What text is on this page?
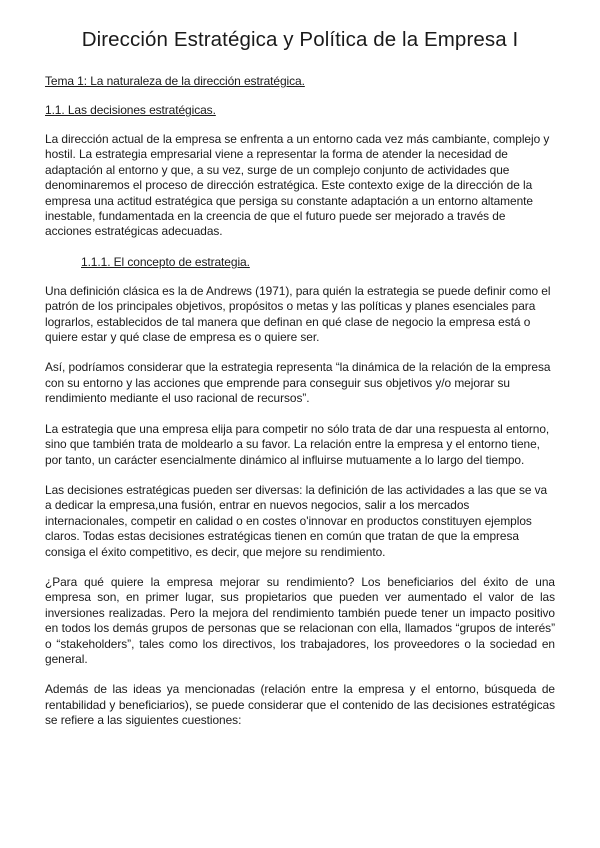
Dirección Estratégica y Política de la Empresa I

Tema 1: La naturaleza de la dirección estratégica.

1.1. Las decisiones estratégicas.

La dirección actual de la empresa se enfrenta a un entorno cada vez más cambiante, complejo y hostil. La estrategia empresarial viene a representar la forma de atender la necesidad de adaptación al entorno y que, a su vez, surge de un complejo conjunto de actividades que denominaremos el proceso de dirección estratégica. Este contexto exige de la dirección de la empresa una actitud estratégica que persiga su constante adaptación a un entorno altamente inestable, fundamentada en la creencia de que el futuro puede ser mejorado a través de acciones estratégicas adecuadas.

1.1.1. El concepto de estrategia.

Una definición clásica es la de Andrews (1971), para quién la estrategia se puede definir como el patrón de los principales objetivos, propósitos o metas y las políticas y planes esenciales para lograrlos, establecidos de tal manera que definan en qué clase de negocio la empresa está o quiere estar y qué clase de empresa es o quiere ser.

Así, podríamos considerar que la estrategia representa “la dinámica de la relación de la empresa con su entorno y las acciones que emprende para conseguir sus objetivos y/o mejorar su rendimiento mediante el uso racional de recursos”.

La estrategia que una empresa elija para competir no sólo trata de dar una respuesta al entorno, sino que también trata de moldearlo a su favor. La relación entre la empresa y el entorno tiene, por tanto, un carácter esencialmente dinámico al influirse mutuamente a lo largo del tiempo.

Las decisiones estratégicas pueden ser diversas: la definición de las actividades a las que se va a dedicar la empresa,una fusión, entrar en nuevos negocios, salir a los mercados internacionales, competir en calidad o en costes o'innovar en productos constituyen ejemplos claros. Todas estas decisiones estratégicas tienen en común que tratan de que la empresa consiga el éxito competitivo, es decir, que mejore su rendimiento.

¿Para qué quiere la empresa mejorar su rendimiento? Los beneficiarios del éxito de una empresa son, en primer lugar, sus propietarios que pueden ver aumentado el valor de las inversiones realizadas. Pero la mejora del rendimiento también puede tener un impacto positivo en todos los demás grupos de personas que se relacionan con ella, llamados “grupos de interés” o “stakeholders”, tales como los directivos, los trabajadores, los proveedores o la sociedad en general.

Además de las ideas ya mencionadas (relación entre la empresa y el entorno, búsqueda de rentabilidad y beneficiarios), se puede considerar que el contenido de las decisiones estratégicas se refiere a las siguientes cuestiones:
